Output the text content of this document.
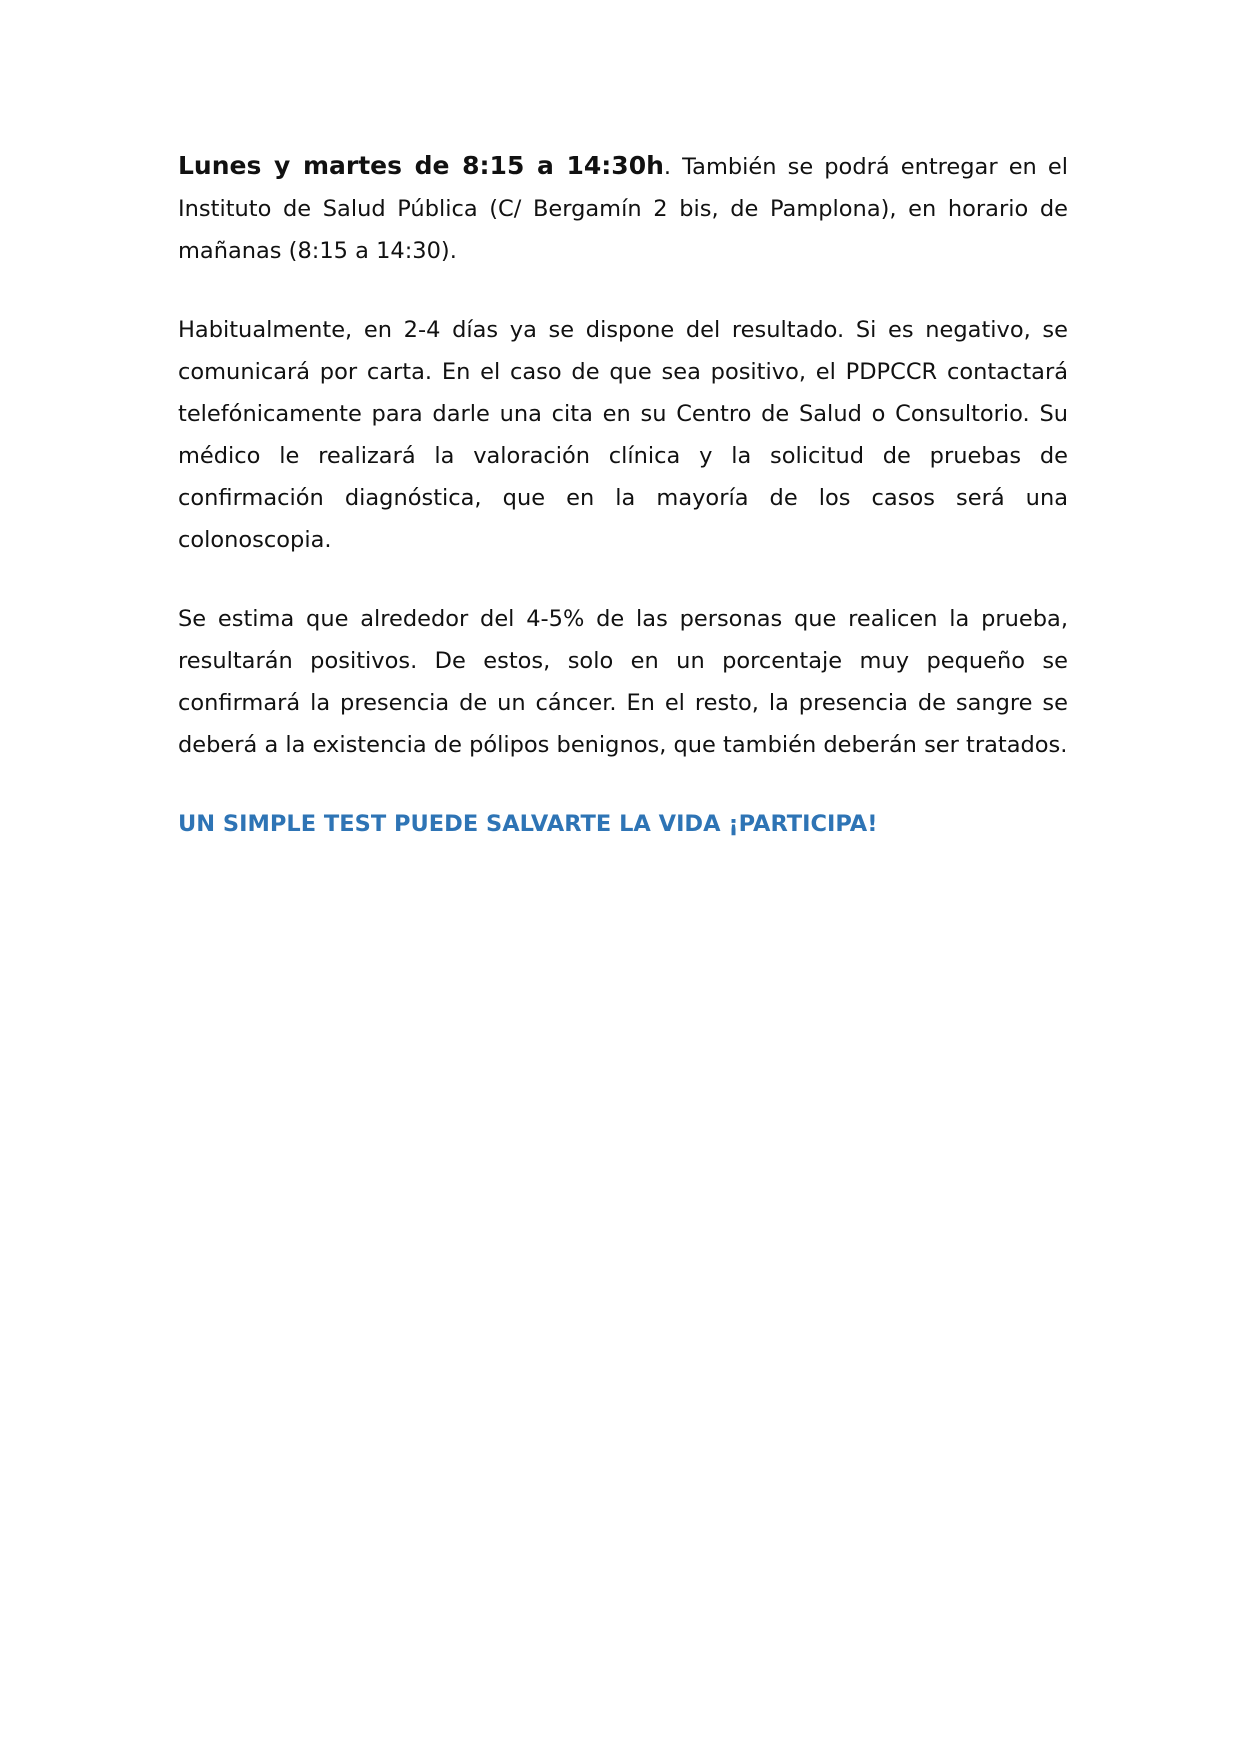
Lunes y martes de 8:15 a 14:30h. También se podrá entregar en el Instituto de Salud Pública (C/ Bergamín 2 bis, de Pamplona), en horario de mañanas (8:15 a 14:30).

Habitualmente, en 2-4 días ya se dispone del resultado. Si es negativo, se comunicará por carta. En el caso de que sea positivo, el PDPCCR contactará telefónicamente para darle una cita en su Centro de Salud o Consultorio. Su médico le realizará la valoración clínica y la solicitud de pruebas de confirmación diagnóstica, que en la mayoría de los casos será una colonoscopia.

Se estima que alrededor del 4-5% de las personas que realicen la prueba, resultarán positivos. De estos, solo en un porcentaje muy pequeño se confirmará la presencia de un cáncer. En el resto, la presencia de sangre se deberá a la existencia de pólipos benignos, que también deberán ser tratados.

UN SIMPLE TEST PUEDE SALVARTE LA VIDA ¡PARTICIPA!
